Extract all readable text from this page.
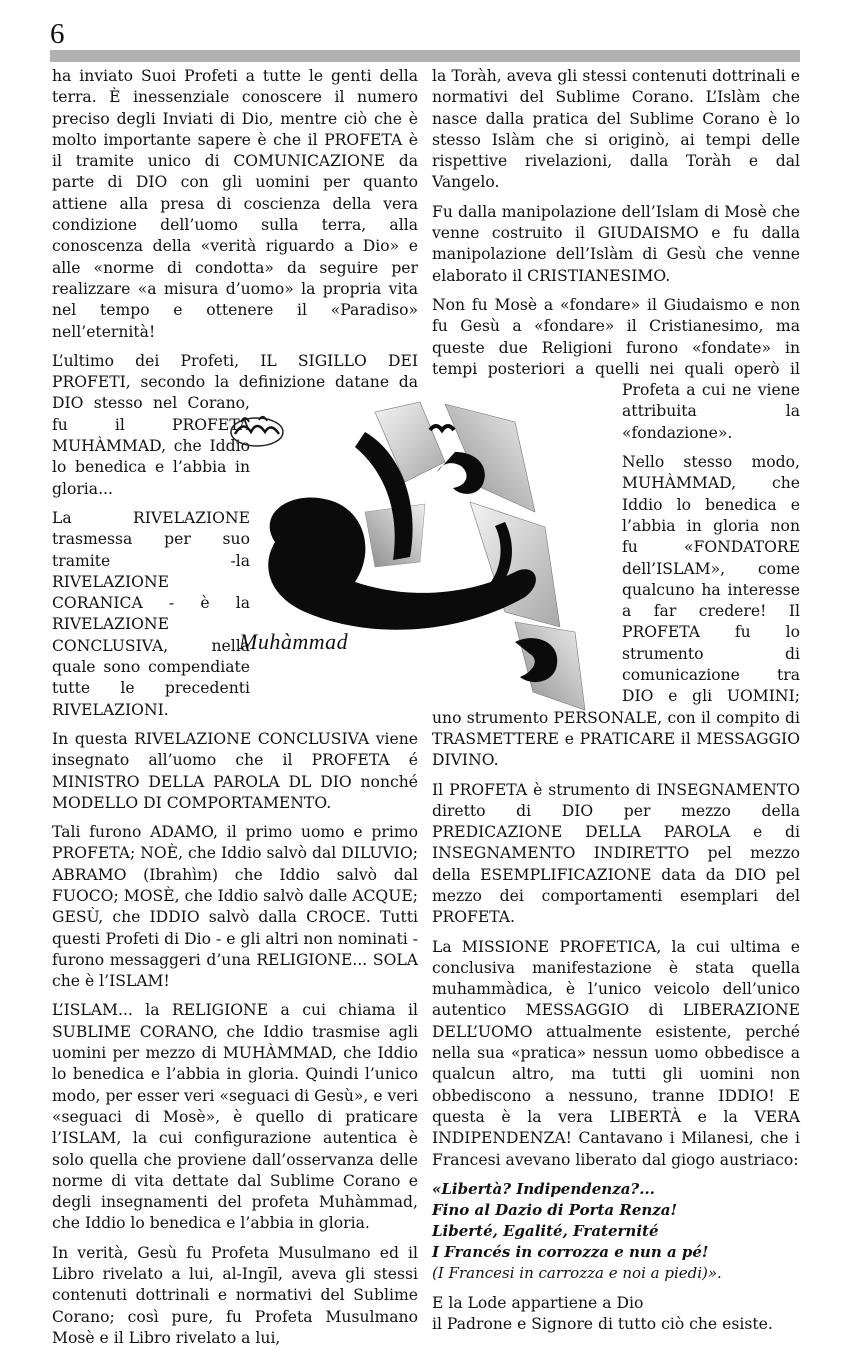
6

ha inviato Suoi Profeti a tutte le genti della terra. È inessenziale conoscere il numero preciso degli Inviati di Dio, mentre ciò che è molto importante sapere è che il PROFETA è il tramite unico di COMUNICAZIONE da parte di DIO con gli uomini per quanto attiene alla presa di coscienza della vera condizione dell’uomo sulla terra, alla conoscenza della «verità riguardo a Dio» e alle «norme di condotta» da seguire per realizzare «a misura d’uomo» la propria vita nel tempo e ottenere il «Paradiso» nell’eternità!

L’ultimo dei Profeti, IL SIGILLO DEI PROFETI, secondo la definizione datane da DIO stesso nel Corano, fu il PROFETA MUHÀMMAD, che Iddio lo benedica e l’abbia in gloria...

La RIVELAZIONE trasmessa per suo tramite -la RIVELAZIONE CORANICA - è la RIVELAZIONE CONCLUSIVA, nella quale sono compendiate tutte le precedenti RIVELAZIONI.

In questa RIVELAZIONE CONCLUSIVA viene insegnato all’uomo che il PROFETA é MINISTRO DELLA PAROLA DL DIO nonché MODELLO DI COMPORTAMENTO.

Tali furono ADAMO, il primo uomo e primo PROFETA; NOÈ, che Iddio salvò dal DILUVIO; ABRAMO (Ibrahìm) che Iddio salvò dal FUOCO; MOSÈ, che Iddio salvò dalle ACQUE; GESÙ, che IDDIO salvò dalla CROCE. Tutti questi Profeti di Dio - e gli altri non nominati - furono messaggeri d’una RELIGIONE... SOLA che è l’ISLAM!

L’ISLAM... la RELIGIONE a cui chiama il SUBLIME CORANO, che Iddio trasmise agli uomini per mezzo di MUHÀMMAD, che Iddio lo benedica e l’abbia in gloria. Quindi l’unico modo, per esser veri «seguaci di Gesù», e veri «seguaci di Mosè», è quello di praticare l’ISLAM, la cui configurazione autentica è solo quella che proviene dall’osservanza delle norme di vita dettate dal Sublime Corano e degli insegnamenti del profeta Muhàmmad, che Iddio lo benedica e l’abbia in gloria.

In verità, Gesù fu Profeta Musulmano ed il Libro rivelato a lui, al-Ingīl, aveva gli stessi contenuti dottrinali e normativi del Sublime Corano; così pure, fu Profeta Musulmano Mosè e il Libro rivelato a lui,

la Toràh, aveva gli stessi contenuti dottrinali e normativi del Sublime Corano. L’Islàm che nasce dalla pratica del Sublime Corano è lo stesso Islàm che si originò, ai tempi delle rispettive rivelazioni, dalla Toràh e dal Vangelo.

Fu dalla manipolazione dell’Islam di Mosè che venne costruito il GIUDAISMO e fu dalla manipolazione dell’Islàm di Gesù che venne elaborato il CRISTIANESIMO.

Non fu Mosè a «fondare» il Giudaismo e non fu Gesù a «fondare» il Cristianesimo, ma queste due Religioni furono «fondate» in tempi posteriori a quelli nei quali operò il Profeta a cui ne viene attribuita la «fondazione».

Nello stesso modo, MUHÀMMAD, che Iddio lo benedica e l’abbia in gloria non fu «FONDATORE dell’ISLAM», come qualcuno ha interesse a far credere! Il PROFETA fu lo strumento di comunicazione tra DIO e gli UOMINI; uno strumento PERSONALE, con il compito di TRASMETTERE e PRATICARE il MESSAGGIO DIVINO.

Il PROFETA è strumento di INSEGNAMENTO diretto di DIO per mezzo della PREDICAZIONE DELLA PAROLA e di INSEGNAMENTO INDIRETTO pel mezzo della ESEMPLIFICAZIONE data da DIO pel mezzo dei comportamenti esemplari del PROFETA.

La MISSIONE PROFETICA, la cui ultima e conclusiva manifestazione è stata quella muhammàdica, è l’unico veicolo dell’unico autentico MESSAGGIO di LIBERAZIONE DELL’UOMO attualmente esistente, perché nella sua «pratica» nessun uomo obbedisce a qualcun altro, ma tutti gli uomini non obbediscono a nessuno, tranne IDDIO! E questa è la vera LIBERTÀ e la VERA INDIPENDENZA! Cantavano i Milanesi, che i Francesi avevano liberato dal giogo austriaco:

«Libertà? Indipendenza?...

Fino al Dazio di Porta Renza!

Liberté, Egalité, Fraternité

I Francés in corrozza e nun a pé!

(I Francesi in carrozza e noi a piedi)».

E la Lode appartiene a Dio

il Padrone e Signore di tutto ciò che esiste.

Muhàmmad
